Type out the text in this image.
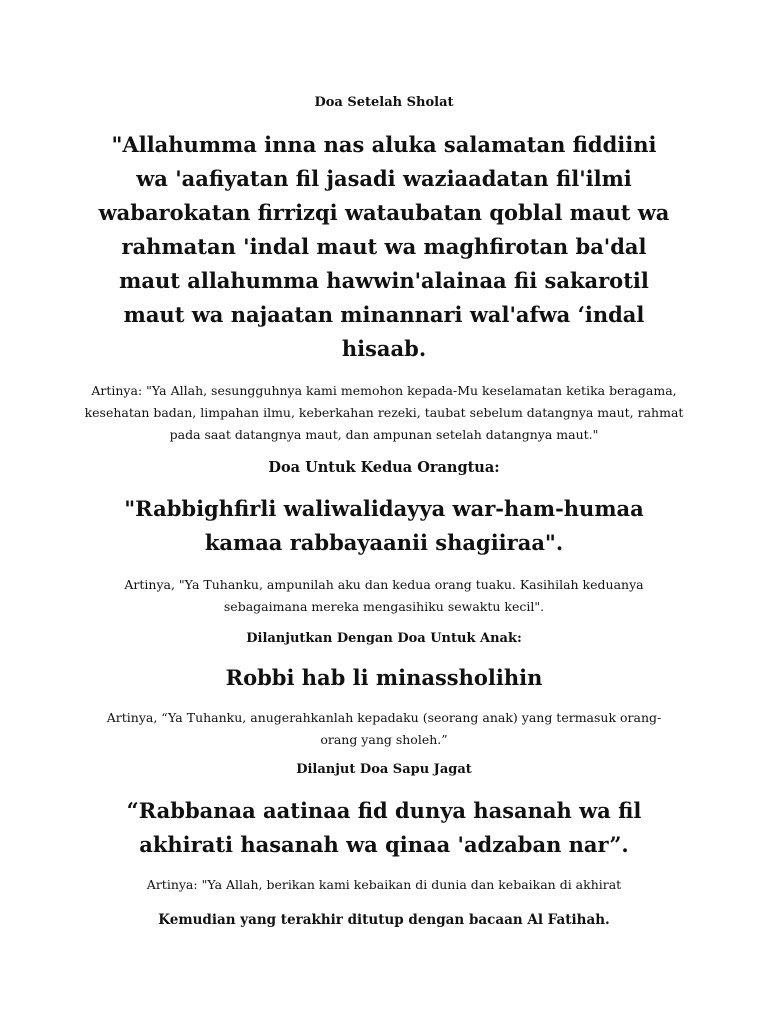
Doa Setelah Sholat
"Allahumma inna nas aluka salamatan fiddiini wa 'aafiyatan fil jasadi waziaadatan fil'ilmi wabarokatan firrizqi wataubatan qoblal maut wa rahmatan 'indal maut wa maghfirotan ba'dal maut allahumma hawwin'alainaa fii sakarotil maut wa najaatan minannari wal'afwa ‘indal hisaab.
Artinya: "Ya Allah, sesungguhnya kami memohon kepada-Mu keselamatan ketika beragama, kesehatan badan, limpahan ilmu, keberkahan rezeki, taubat sebelum datangnya maut, rahmat pada saat datangnya maut, dan ampunan setelah datangnya maut."
Doa Untuk Kedua Orangtua:
"Rabbighfirli waliwalidayya war-ham-humaa kamaa rabbayaanii shagiiraa".
Artinya, "Ya Tuhanku, ampunilah aku dan kedua orang tuaku. Kasihilah keduanya sebagaimana mereka mengasihiku sewaktu kecil".
Dilanjutkan Dengan Doa Untuk Anak:
Robbi hab li minassholihin
Artinya, “Ya Tuhanku, anugerahkanlah kepadaku (seorang anak) yang termasuk orang-orang yang sholeh.”
Dilanjut Doa Sapu Jagat
“Rabbanaa aatinaa fid dunya hasanah wa fil akhirati hasanah wa qinaa 'adzaban nar”.
Artinya: "Ya Allah, berikan kami kebaikan di dunia dan kebaikan di akhirat
Kemudian yang terakhir ditutup dengan bacaan Al Fatihah.
